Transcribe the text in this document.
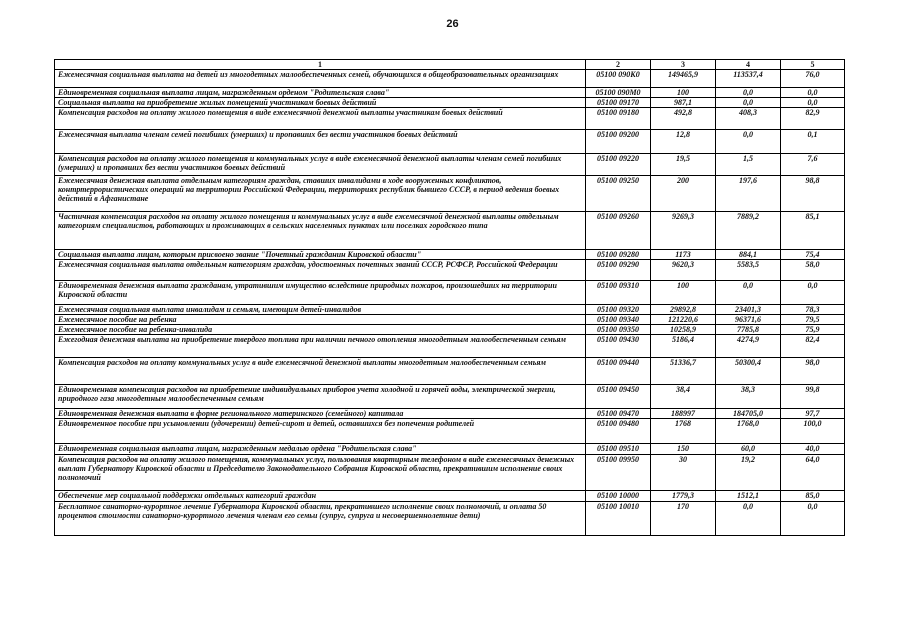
26
1	2	3	4	5
Ежемесячная социальная выплата на детей из многодетных малообеспеченных семей, обучающихся в общеобразовательных организациях	05100 090К0	149465,9	113537,4	76,0
Единовременная социальная выплата лицам, награжденным орденом "Родительская слава"	05100 090М0	100	0,0	0,0
Социальная выплата на приобретение жилых помещений участникам боевых действий	05100 09170	987,1	0,0	0,0
Компенсация расходов на оплату жилого помещения в виде ежемесячной денежной выплаты участникам боевых действий	05100 09180	492,8	408,3	82,9
Ежемесячная выплата членам семей погибших (умерших) и пропавших без вести участников боевых действий	05100 09200	12,8	0,0	0,1
Компенсация расходов на оплату жилого помещения и коммунальных услуг в виде ежемесячной денежной выплаты членам семей погибших (умерших) и пропавших без вести участников боевых действий	05100 09220	19,5	1,5	7,6
Ежемесячная денежная выплата отдельным категориям граждан, ставших инвалидами в ходе вооруженных конфликтов, контртеррористических операций на территории Российской Федерации, территориях республик бывшего СССР, в период ведения боевых действий в Афганистане	05100 09250	200	197,6	98,8
Частичная компенсация расходов на оплату жилого помещения и коммунальных услуг в виде ежемесячной денежной выплаты отдельным категориям специалистов, работающих и проживающих в сельских населенных пунктах или поселках городского типа	05100 09260	9269,3	7889,2	85,1
Социальная выплата лицам, которым присвоено звание "Почетный гражданин Кировской области"	05100 09280	1173	884,1	75,4
Ежемесячная социальная выплата отдельным категориям граждан, удостоенных почетных званий СССР, РСФСР, Российской Федерации	05100 09290	9620,3	5583,5	58,0
Единовременная денежная выплата гражданам, утратившим имущество вследствие природных пожаров, произошедших на территории Кировской области	05100 09310	100	0,0	0,0
Ежемесячная социальная выплата инвалидам и семьям, имеющим детей-инвалидов	05100 09320	29892,8	23401,3	78,3
Ежемесячное пособие на ребенка	05100 09340	121220,6	96371,6	79,5
Ежемесячное пособие на ребенка-инвалида	05100 09350	10258,9	7785,8	75,9
Ежегодная денежная выплата на приобретение твердого топлива при наличии печного отопления многодетным малообеспеченным семьям	05100 09430	5186,4	4274,9	82,4
Компенсация расходов на оплату коммунальных услуг в виде ежемесячной денежной выплаты многодетным малообеспеченным семьям	05100 09440	51336,7	50300,4	98,0
Единовременная компенсация расходов на приобретение индивидуальных приборов учета холодной и горячей воды, электрической энергии, природного газа многодетным малообеспеченным семьям	05100 09450	38,4	38,3	99,8
Единовременная денежная выплата в форме регионального материнского (семейного) капитала	05100 09470	188997	184705,0	97,7
Единовременное пособие при усыновлении (удочерении) детей-сирот и детей, оставшихся без попечения родителей	05100 09480	1768	1768,0	100,0
Единовременная социальная выплата лицам, награжденным медалью ордена "Родительская слава"	05100 09510	150	60,0	40,0
Компенсация расходов на оплату жилого помещения, коммунальных услуг, пользования квартирным телефоном в виде ежемесячных денежных выплат Губернатору Кировской области и Председателю Законодательного Собрания Кировской области, прекратившим исполнение своих полномочий	05100 09950	30	19,2	64,0
Обеспечение мер социальной поддержки отдельных категорий граждан	05100 10000	1779,3	1512,1	85,0
Бесплатное санаторно-курортное лечение Губернатора Кировской области, прекратившего исполнение своих полномочий, и оплата 50 процентов стоимости санаторно-курортного лечения членам его семьи (супруг, супруга и несовершеннолетние дети)	05100 10010	170	0,0	0,0
